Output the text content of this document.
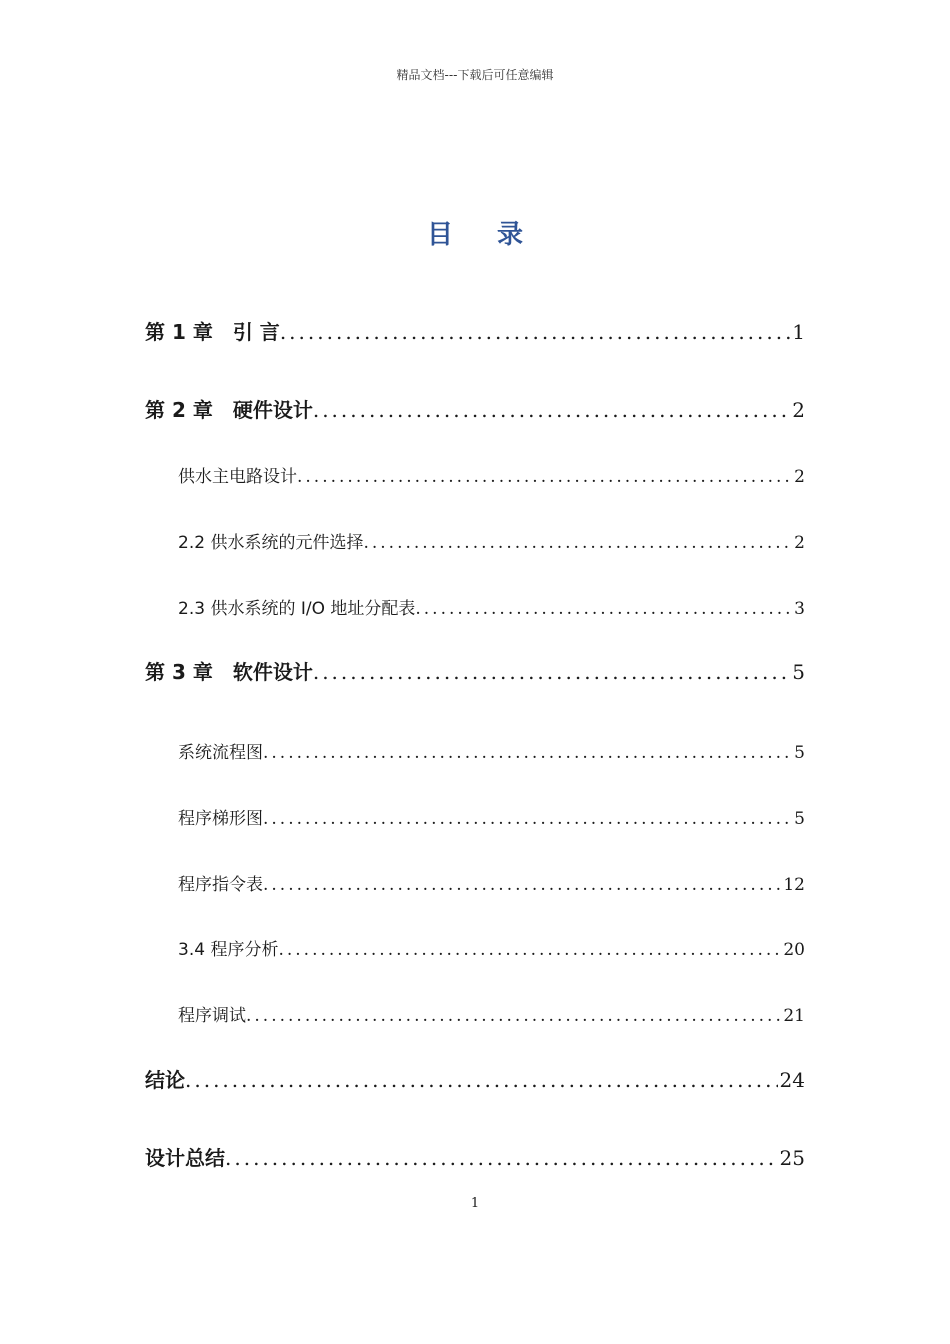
精品文档---下载后可任意编辑
目录
第 1 章　引 言 .....	1
第 2 章　硬件设计 .....	2
供水主电路设计 .....	2
2.2 供水系统的元件选择 .....	2
2.3 供水系统的 I/O 地址分配表 .....	3
第 3 章　软件设计 .....	5
系统流程图 .....	5
程序梯形图 .....	5
程序指令表 .....	12
3.4 程序分析 .....	20
程序调试 .....	21
结论 .....	24
设计总结 .....	25
1
